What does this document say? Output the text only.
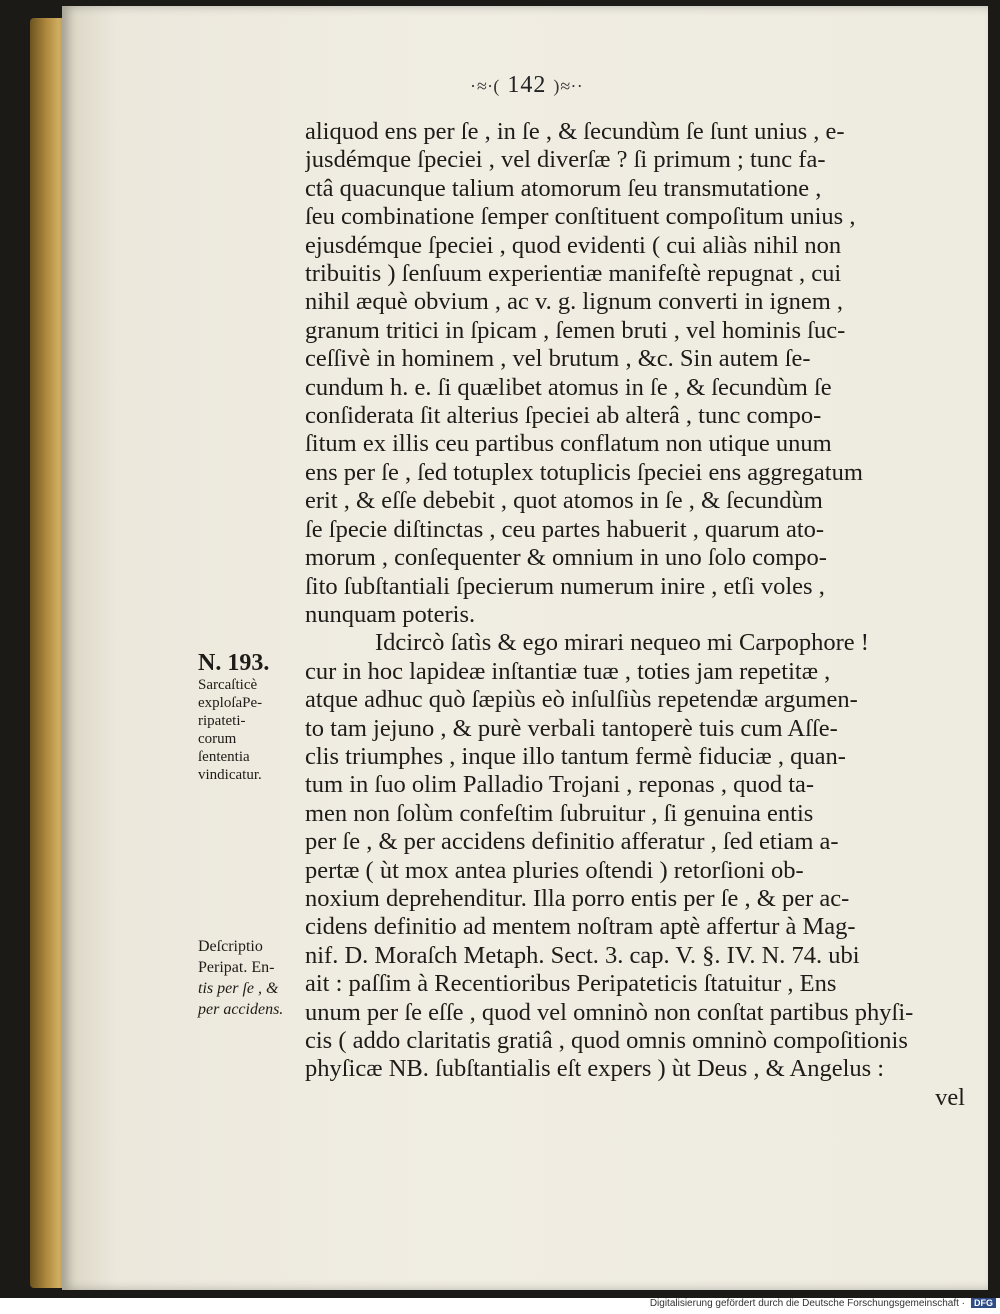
·≈∙( 142 )≈∙·
aliquod ens per ſe , in ſe , & ſecundùm ſe ſunt unius , e-
jusdémque ſpeciei , vel diverſæ ? ſi primum ; tunc fa-
ctâ quacunque talium atomorum ſeu transmutatione ,
ſeu combinatione ſemper conſtituent compoſitum unius ,
ejusdémque ſpeciei , quod evidenti ( cui aliàs nihil non
tribuitis ) ſenſuum experientiæ manifeſtè repugnat , cui
nihil æquè obvium , ac v. g. lignum converti in ignem ,
granum tritici in ſpicam , ſemen bruti , vel hominis ſuc-
ceſſivè in hominem , vel brutum , &c. Sin autem ſe-
cundum h. e. ſi quælibet atomus in ſe , & ſecundùm ſe
conſiderata ſit alterius ſpeciei ab alterâ , tunc compo-
ſitum ex illis ceu partibus conflatum non utique unum
ens per ſe , ſed totuplex totuplicis ſpeciei ens aggregatum
erit , & eſſe debebit , quot atomos in ſe , & ſecundùm
ſe ſpecie diſtinctas , ceu partes habuerit , quarum ato-
morum , conſequenter & omnium in uno ſolo compo-
ſito ſubſtantiali ſpecierum numerum inire , etſi voles ,
nunquam poteris.
Idcircò ſatìs & ego mirari nequeo mi Carpophore !
cur in hoc lapideæ inſtantiæ tuæ , toties jam repetitæ ,
atque adhuc quò ſæpiùs eò inſulſiùs repetendæ argumen-
to tam jejuno , & purè verbali tantoperè tuis cum Aſſe-
clis triumphes , inque illo tantum fermè fiduciæ , quan-
tum in ſuo olim Palladio Trojani , reponas , quod ta-
men non ſolùm confeſtim ſubruitur , ſi genuina entis
per ſe , & per accidens definitio afferatur , ſed etiam a-
pertæ ( ùt mox antea pluries oſtendi ) retorſioni ob-
noxium deprehenditur. Illa porro entis per ſe , & per ac-
cidens definitio ad mentem noſtram aptè affertur à Mag-
nif. D. Moraſch Metaph. Sect. 3. cap. V. §. IV. N. 74. ubi
ait : paſſim à Recentioribus Peripateticis ſtatuitur , Ens
unum per ſe eſſe , quod vel omninò non conſtat partibus phyſi-
cis ( addo claritatis gratiâ , quod omnis omninò compoſitionis
phyſicæ NB. ſubſtantialis eſt expers ) ùt Deus , & Angelus :
vel
N. 193.
Sarcaſticè
exploſaPe-
ripateti-
corum
ſententia
vindicatur.
Deſcriptio
Peripat. En-
tis per ſe , &
per accidens.
Digitalisierung gefördert durch die Deutsche Forschungsgemeinschaft · DFG
